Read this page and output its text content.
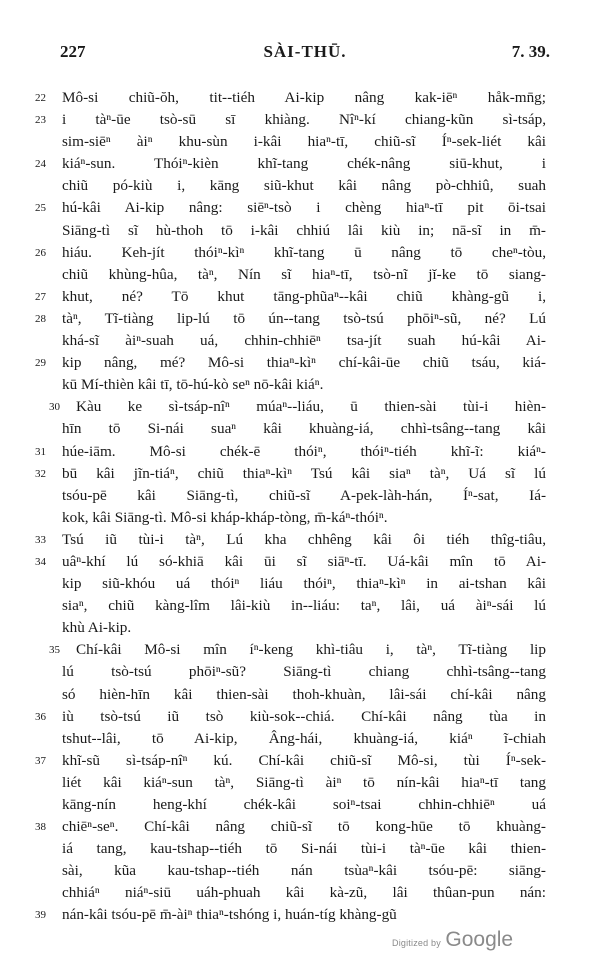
227	SÀI-THŪ.	7. 39.
22	Mô-si chiũ-ŏh, tit--tiéh Ai-kip nâng kak-iēⁿ håk-mn̄g;
23	i tàⁿ-ūe tsò-sū sī khiàng. Nîⁿ-kí chiang-kũn sì-tsáp,
sim-siēⁿ àiⁿ khu-sùn i-kâi hiaⁿ-tī, chiũ-sĩ Íⁿ-sek-liét kâi
24	kiáⁿ-sun. Thóiⁿ-kièn khĩ-tang chék-nâng siū-khut, i
chiũ pó-kiù i, kāng siũ-khut kâi nâng pò-chhiû, suah
25	hú-kâi Ai-kip nâng: siēⁿ-tsò i chèng hiaⁿ-tī pit ōi-tsai
Siāng-tì sĩ hù-thoh tō i-kâi chhiú lâi kiù in; nā-sĩ in m̄-
26	hiáu. Keh-jít thóiⁿ-kìⁿ khĩ-tang ū nâng tō cheⁿ-tòu,
chiũ khùng-hûa, tàⁿ, Nín sĩ hiaⁿ-tī, tsò-nĩ jĭ-ke tō siang-
27	khut, né? Tō khut tāng-phũaⁿ--kâi chiũ khàng-gũ i,
28	tàⁿ, Tĩ-tiàng lip-lú tō ún--tang tsò-tsú phōiⁿ-sũ, né? Lú
khá-sĩ àiⁿ-suah uá, chhin-chhiēⁿ tsa-jít suah hú-kâi Ai-
29	kip nâng, mé? Mô-si thiaⁿ-kìⁿ chí-kâi-ūe chiũ tsáu, kiá-
kū Mí-thièn kâi tī, tō-hú-kò seⁿ nō-kâi kiáⁿ.
30	Kàu ke sì-tsáp-nîⁿ múaⁿ--liáu, ū thien-sài tùi-i hièn-
hīn tō Si-nái suaⁿ kâi khuàng-iá, chhì-tsâng--tang kâi
31	húe-iām. Mô-si chék-ē thóiⁿ, thóiⁿ-tiéh khĩ-ĩ: kiáⁿ-
32	bū kâi jĩn-tiáⁿ, chiũ thiaⁿ-kìⁿ Tsú kâi siaⁿ tàⁿ, Uá sĩ lú
tsóu-pē kâi Siāng-tì, chiũ-sĩ A-pek-làh-hán, Íⁿ-sat, Iá-
kok, kâi Siāng-tì. Mô-si kháp-kháp-tòng, m̄-káⁿ-thóiⁿ.
33	Tsú iũ tùi-i tàⁿ, Lú kha chhêng kâi ôi tiéh thîg-tiâu,
34	uâⁿ-khí lú só-khiā kâi ūi sĩ siāⁿ-tī. Uá-kâi mîn tō Ai-
kip siũ-khóu uá thóiⁿ liáu thóiⁿ, thiaⁿ-kìⁿ in ai-tshan kâi
siaⁿ, chiũ kàng-lîm lâi-kiù in--liáu: taⁿ, lâi, uá àiⁿ-sái lú
khù Ai-kip.
35	Chí-kâi Mô-si mîn íⁿ-keng khì-tiâu i, tàⁿ, Tĩ-tiàng lip
lú tsò-tsú phōiⁿ-sũ? Siāng-tì chiang chhì-tsâng--tang
só hièn-hīn kâi thien-sài thoh-khuàn, lâi-sái chí-kâi nâng
36	iù tsò-tsú iũ tsò kiù-sok--chiá. Chí-kâi nâng tùa in
tshut--lâi, tō Ai-kip, Âng-hái, khuàng-iá, kiáⁿ ĩ-chiah
37	khĩ-sũ sì-tsáp-nîⁿ kú. Chí-kâi chiũ-sĩ Mô-si, tùi Íⁿ-sek-
liét kâi kiáⁿ-sun tàⁿ, Siāng-tì àiⁿ tō nín-kâi hiaⁿ-tī tang
kāng-nín heng-khí chék-kâi soiⁿ-tsai chhin-chhiēⁿ uá
38	chiēⁿ-seⁿ. Chí-kâi nâng chiũ-sĩ tō kong-hūe tō khuàng-
iá tang, kau-tshap--tiéh tō Si-nái tùi-i tàⁿ-ūe kâi thien-
sài, kũa kau-tshap--tiéh nán tsùaⁿ-kâi tsóu-pē: siāng-
chhiáⁿ niáⁿ-siū uáh-phuah kâi kà-zũ, lâi thûan-pun nán:
39	nán-kâi tsóu-pē m̄-àiⁿ thiaⁿ-tshóng i, huán-tíg khàng-gũ
Digitized by Google
